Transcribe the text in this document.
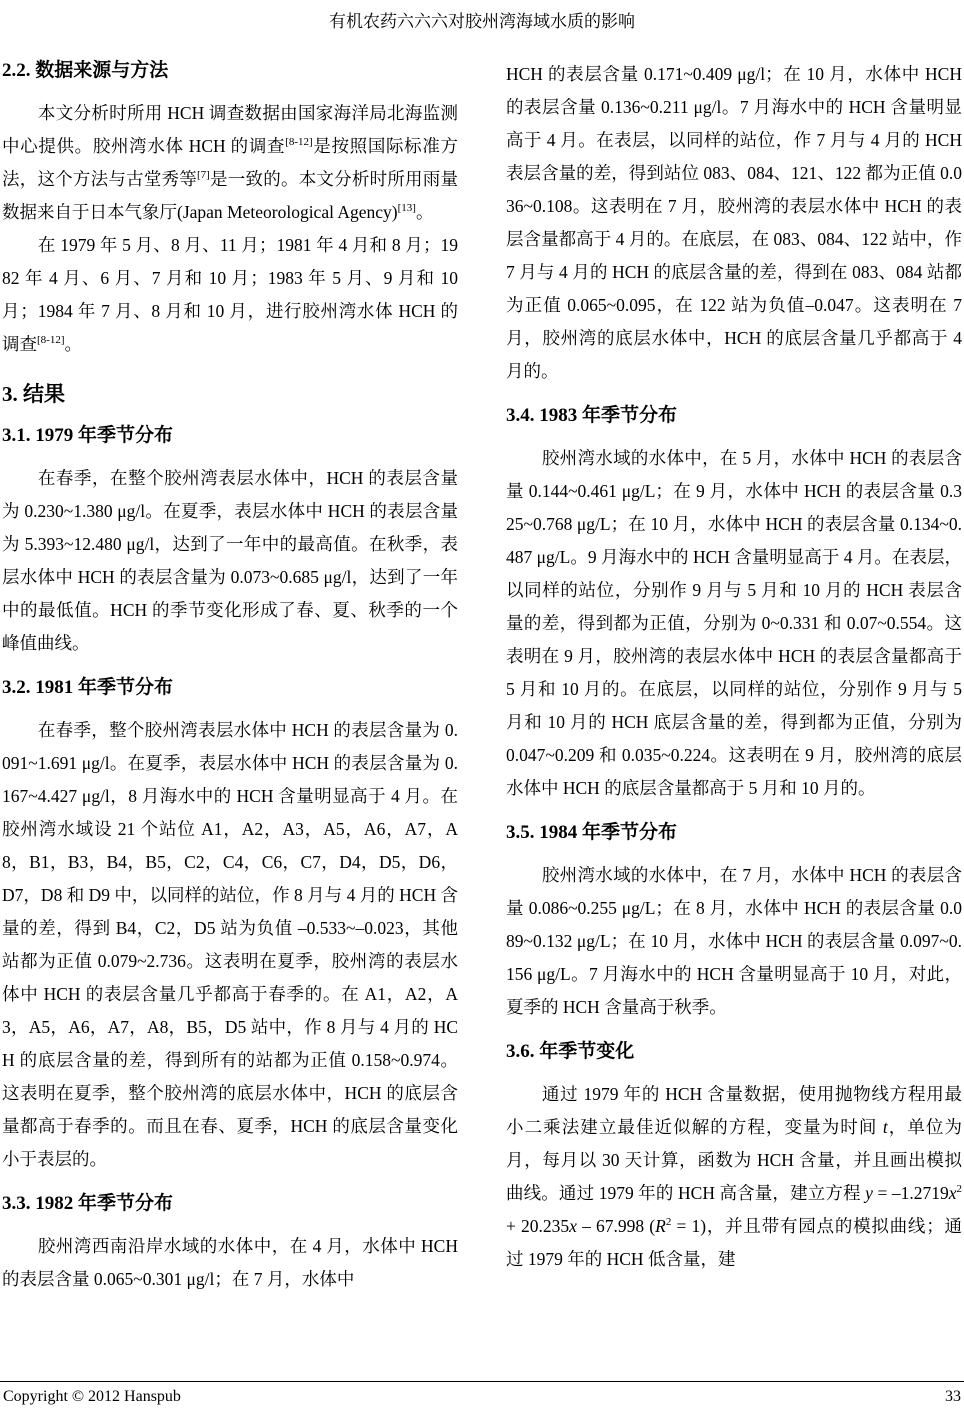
有机农药六六六对胶州湾海域水质的影响
2.2. 数据来源与方法

本文分析时所用 HCH 调查数据由国家海洋局北海监测中心提供。胶州湾水体 HCH 的调查[8-12]是按照国际标准方法，这个方法与古堂秀等[7]是一致的。本文分析时所用雨量数据来自于日本气象厅(Japan Meteorological Agency)[13]。

在 1979 年 5 月、8 月、11 月；1981 年 4 月和 8 月；1982 年 4 月、6 月、7 月和 10 月；1983 年 5 月、9 月和 10 月；1984 年 7 月、8 月和 10 月，进行胶州湾水体 HCH 的调查[8-12]。

3. 结果
3.1. 1979 年季节分布

在春季，在整个胶州湾表层水体中，HCH 的表层含量为 0.230~1.380 μg/l。在夏季，表层水体中 HCH 的表层含量为 5.393~12.480 μg/l，达到了一年中的最高值。在秋季，表层水体中 HCH 的表层含量为 0.073~0.685 μg/l，达到了一年中的最低值。HCH 的季节变化形成了春、夏、秋季的一个峰值曲线。

3.2. 1981 年季节分布

在春季，整个胶州湾表层水体中 HCH 的表层含量为 0.091~1.691 μg/l。在夏季，表层水体中 HCH 的表层含量为 0.167~4.427 μg/l，8 月海水中的 HCH 含量明显高于 4 月。在胶州湾水域设 21 个站位 A1，A2，A3，A5，A6，A7，A8，B1，B3，B4，B5，C2，C4，C6，C7，D4，D5，D6，D7，D8 和 D9 中，以同样的站位，作 8 月与 4 月的 HCH 含量的差，得到 B4，C2，D5 站为负值 –0.533~–0.023，其他站都为正值 0.079~2.736。这表明在夏季，胶州湾的表层水体中 HCH 的表层含量几乎都高于春季的。在 A1，A2，A3，A5，A6，A7，A8，B5，D5 站中，作 8 月与 4 月的 HCH 的底层含量的差，得到所有的站都为正值 0.158~0.974。这表明在夏季，整个胶州湾的底层水体中，HCH 的底层含量都高于春季的。而且在春、夏季，HCH 的底层含量变化小于表层的。

3.3. 1982 年季节分布

胶州湾西南沿岸水域的水体中，在 4 月，水体中 HCH 的表层含量 0.065~0.301 μg/l；在 7 月，水体中

HCH 的表层含量 0.171~0.409 μg/l；在 10 月，水体中 HCH 的表层含量 0.136~0.211 μg/l。7 月海水中的 HCH 含量明显高于 4 月。在表层，以同样的站位，作 7 月与 4 月的 HCH 表层含量的差，得到站位 083、084、121、122 都为正值 0.036~0.108。这表明在 7 月，胶州湾的表层水体中 HCH 的表层含量都高于 4 月的。在底层，在 083、084、122 站中，作 7 月与 4 月的 HCH 的底层含量的差，得到在 083、084 站都为正值 0.065~0.095，在 122 站为负值–0.047。这表明在 7 月，胶州湾的底层水体中，HCH 的底层含量几乎都高于 4 月的。

3.4. 1983 年季节分布

胶州湾水域的水体中，在 5 月，水体中 HCH 的表层含量 0.144~0.461 μg/L；在 9 月，水体中 HCH 的表层含量 0.325~0.768 μg/L；在 10 月，水体中 HCH 的表层含量 0.134~0.487 μg/L。9 月海水中的 HCH 含量明显高于 4 月。在表层，以同样的站位，分别作 9 月与 5 月和 10 月的 HCH 表层含量的差，得到都为正值，分别为 0~0.331 和 0.07~0.554。这表明在 9 月，胶州湾的表层水体中 HCH 的表层含量都高于 5 月和 10 月的。在底层，以同样的站位，分别作 9 月与 5 月和 10 月的 HCH 底层含量的差，得到都为正值，分别为 0.047~0.209 和 0.035~0.224。这表明在 9 月，胶州湾的底层水体中 HCH 的底层含量都高于 5 月和 10 月的。

3.5. 1984 年季节分布

胶州湾水域的水体中，在 7 月，水体中 HCH 的表层含量 0.086~0.255 μg/L；在 8 月，水体中 HCH 的表层含量 0.089~0.132 μg/L；在 10 月，水体中 HCH 的表层含量 0.097~0.156 μg/L。7 月海水中的 HCH 含量明显高于 10 月，对此，夏季的 HCH 含量高于秋季。

3.6. 年季节变化

通过 1979 年的 HCH 含量数据，使用抛物线方程用最小二乘法建立最佳近似解的方程，变量为时间 t，单位为月，每月以 30 天计算，函数为 HCH 含量，并且画出模拟曲线。通过 1979 年的 HCH 高含量，建立方程 y = –1.2719x$^2$ + 20.235x – 67.998 (R$^2$ = 1)，并且带有园点的模拟曲线；通过 1979 年的 HCH 低含量，建

Copyright © 2012 Hanspub	33
